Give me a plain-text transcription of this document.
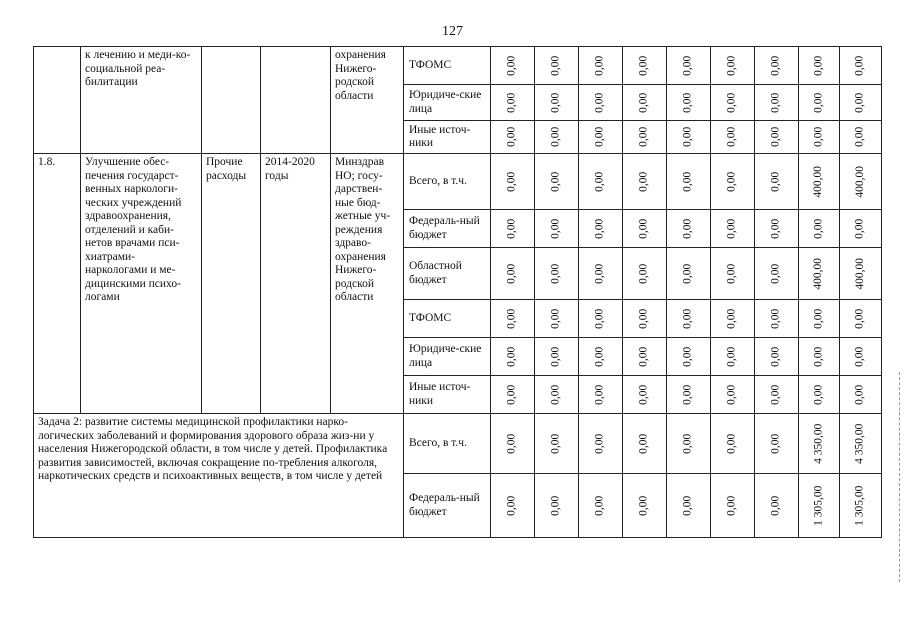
127

	к лечению и меди-ко-социальной реа-билитации			охранения Нижего-родской области	ТФОМС	0,00	0,00	0,00	0,00	0,00	0,00	0,00	0,00	0,00

					Юридиче-ские лица	0,00	0,00	0,00	0,00	0,00	0,00	0,00	0,00	0,00

					Иные источ-ники	0,00	0,00	0,00	0,00	0,00	0,00	0,00	0,00	0,00

1.8.	Улучшение обес-печения государст-венных наркологи-ческих учреждений здравоохранения, отделений и каби-нетов врачами пси-хиатрами-наркологами и ме-дицинскими психо-логами	Прочие расходы	2014-2020 годы	Минздрав НО; госу-дарствен-ные бюд-жетные уч-реждения здраво-охранения Нижего-родской области	Всего, в т.ч.	0,00	0,00	0,00	0,00	0,00	0,00	0,00	400,00	400,00

					Федераль-ный бюджет	0,00	0,00	0,00	0,00	0,00	0,00	0,00	0,00	0,00

					Областной бюджет	0,00	0,00	0,00	0,00	0,00	0,00	0,00	400,00	400,00

					ТФОМС	0,00	0,00	0,00	0,00	0,00	0,00	0,00	0,00	0,00

					Юридиче-ские лица	0,00	0,00	0,00	0,00	0,00	0,00	0,00	0,00	0,00

					Иные источ-ники	0,00	0,00	0,00	0,00	0,00	0,00	0,00	0,00	0,00

Задача 2: развитие системы медицинской профилактики нарко-логических заболеваний и формирования здорового образа жиз-ни у населения Нижегородской области, в том числе у детей. Профилактика развития зависимостей, включая сокращение по-требления алкоголя, наркотических средств и психоактивных веществ, в том числе у детей					Всего, в т.ч.	0,00	0,00	0,00	0,00	0,00	0,00	0,00	4 350,00	4 350,00

					Федераль-ный бюджет	0,00	0,00	0,00	0,00	0,00	0,00	0,00	1 305,00	1 305,00
